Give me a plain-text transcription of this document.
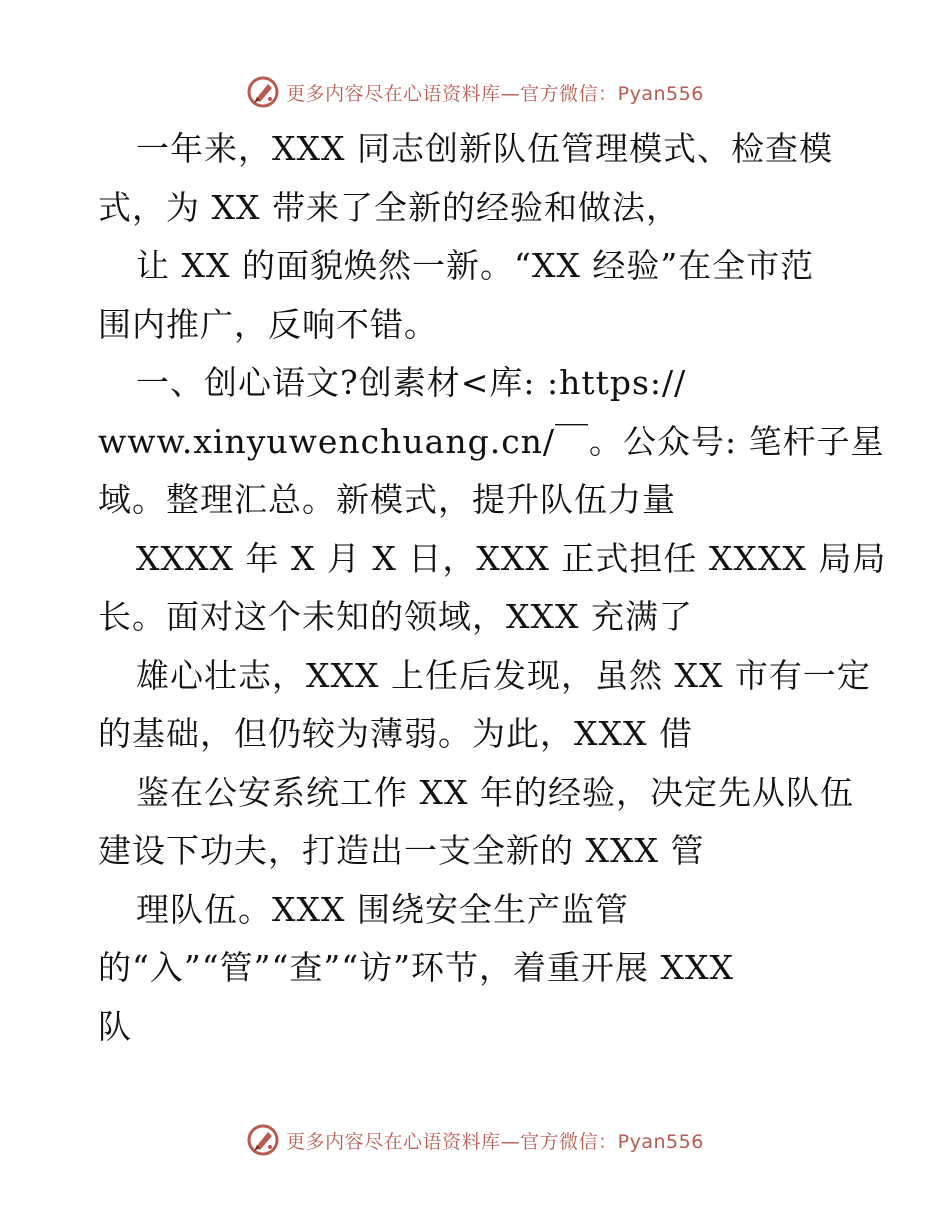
更多内容尽在心语资料库—官方微信：Pyan556
一年来，XXX 同志创新队伍管理模式、检查模
式，为 XX 带来了全新的经验和做法，
让 XX 的面貌焕然一新。“XX 经验”在全市范
围内推广，反响不错。
一、创心语文?创素材<库: :https://
www.xinyuwenchuang.cn/￣。公众号: 笔杆子星
域。整理汇总。新模式，提升队伍力量
XXXX 年 X 月 X 日，XXX 正式担任 XXXX 局局
长。面对这个未知的领域，XXX 充满了
雄心壮志，XXX 上任后发现，虽然 XX 市有一定
的基础，但仍较为薄弱。为此，XXX 借
鉴在公安系统工作 XX 年的经验，决定先从队伍
建设下功夫，打造出一支全新的 XXX 管
理队伍。XXX 围绕安全生产监管
的“入”“管”“查”“访”环节，着重开展 XXX
队
更多内容尽在心语资料库—官方微信：Pyan556
